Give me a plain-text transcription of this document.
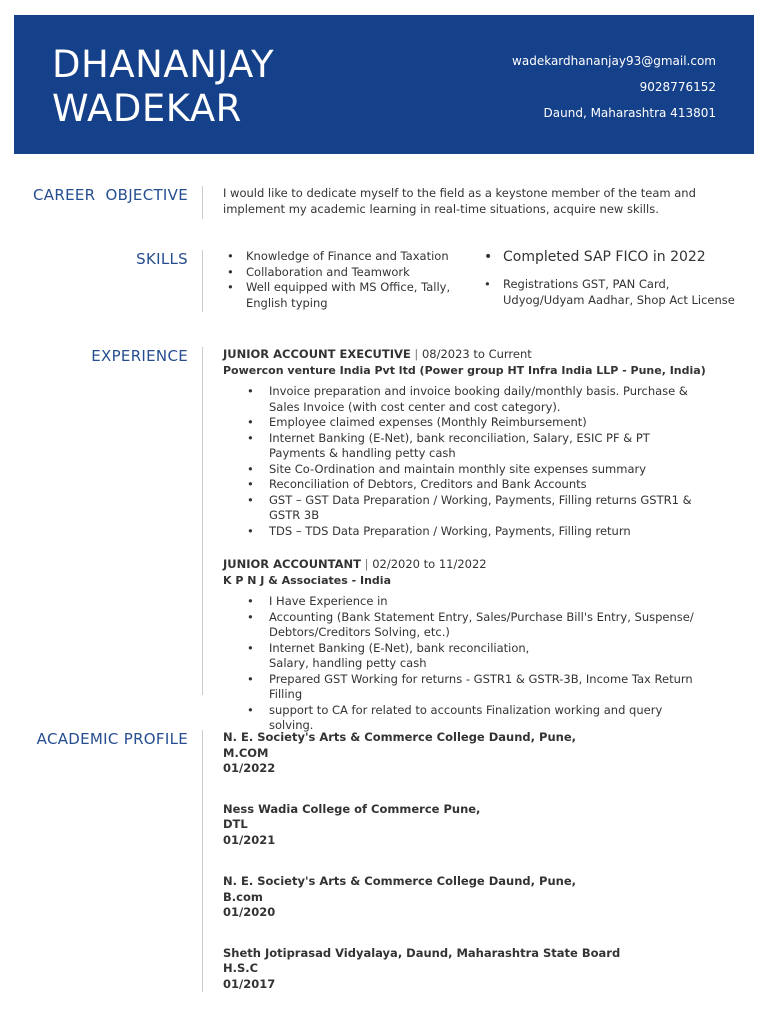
DHANANJAY
WADEKAR
wadekardhananjay93@gmail.com
9028776152
Daund, Maharashtra 413801
CAREER  OBJECTIVE	I would like to dedicate myself to the field as a keystone member of the team and implement my academic learning in real-time situations, acquire new skills.
SKILLS
•	Knowledge of Finance and Taxation
• Collaboration and Teamwork
• Well equipped with MS Office, Tally, English typing
• Completed SAP FICO in 2022
• Registrations GST, PAN Card, Udyog/Udyam Aadhar, Shop Act License
EXPERIENCE	JUNIOR ACCOUNT EXECUTIVE | 08/2023 to Current
Powercon venture India Pvt ltd (Power group HT Infra India LLP - Pune, India)
• Invoice preparation and invoice booking daily/monthly basis. Purchase & Sales Invoice (with cost center and cost category).
• Employee claimed expenses (Monthly Reimbursement)
• Internet Banking (E-Net), bank reconciliation, Salary, ESIC PF & PT Payments & handling petty cash
• Site Co-Ordination and maintain monthly site expenses summary
• Reconciliation of Debtors, Creditors and Bank Accounts
• GST – GST Data Preparation / Working, Payments, Filling returns GSTR1 & GSTR 3B
• TDS – TDS Data Preparation / Working, Payments, Filling return
JUNIOR ACCOUNTANT | 02/2020 to 11/2022
K P N J & Associates - India
• I Have Experience in
• Accounting (Bank Statement Entry, Sales/Purchase Bill's Entry, Suspense/ Debtors/Creditors Solving, etc.)
• Internet Banking (E-Net), bank reconciliation, Salary, handling petty cash
• Prepared GST Working for returns - GSTR1 & GSTR-3B, Income Tax Return Filling
• support to CA for related to accounts Finalization working and query solving.
ACADEMIC PROFILE	N. E. Society's Arts & Commerce College Daund, Pune,
M.COM
01/2022
Ness Wadia College of Commerce Pune,
DTL
01/2021
N. E. Society's Arts & Commerce College Daund, Pune,
B.com
01/2020
Sheth Jotiprasad Vidyalaya, Daund, Maharashtra State Board
H.S.C
01/2017
